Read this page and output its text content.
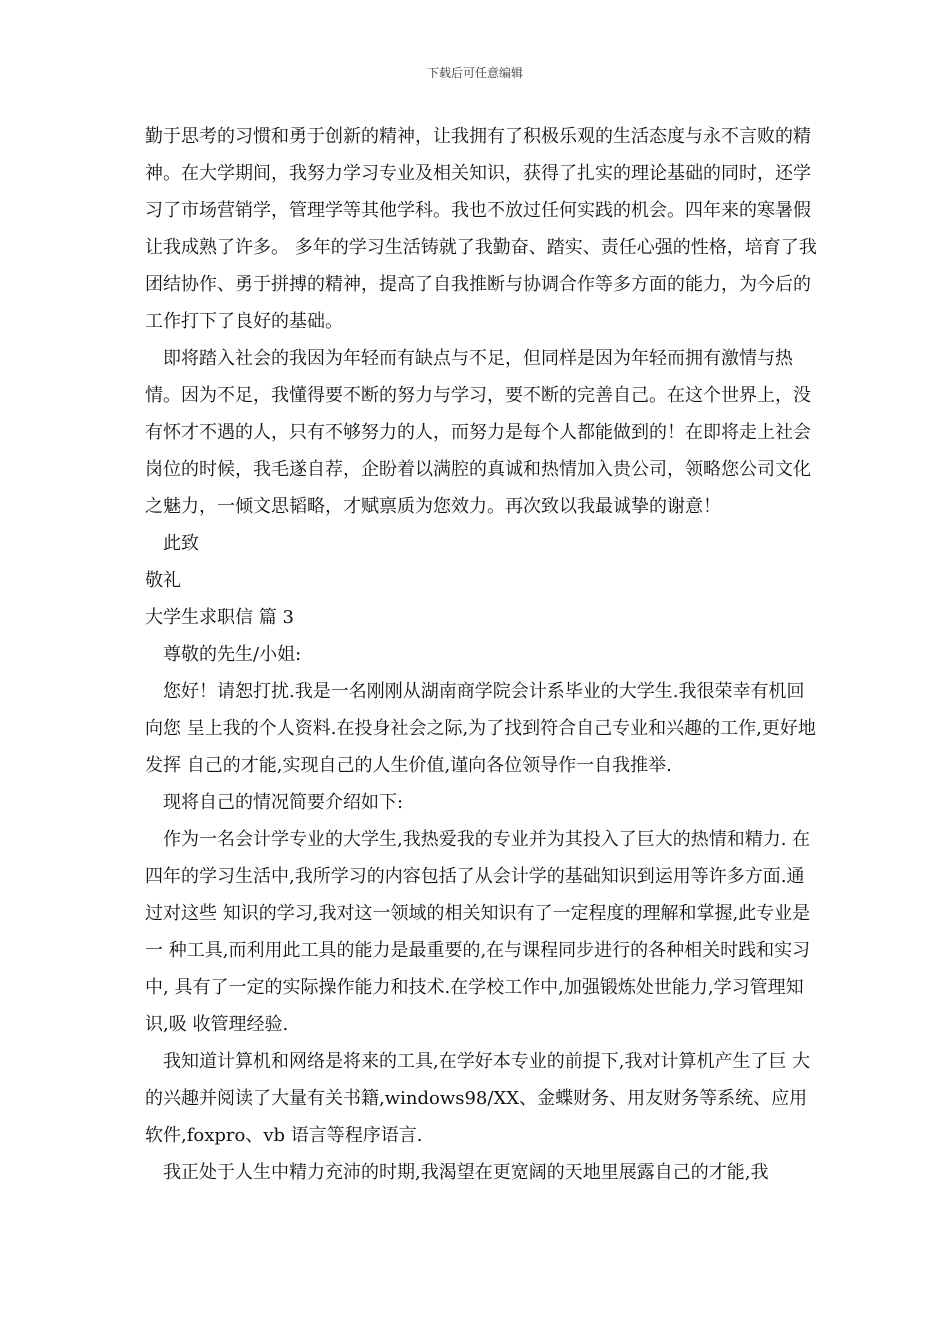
下载后可任意编辑

勤于思考的习惯和勇于创新的精神，让我拥有了积极乐观的生活态度与永不言败的精神。在大学期间，我努力学习专业及相关知识，获得了扎实的理论基础的同时，还学习了市场营销学，管理学等其他学科。我也不放过任何实践的机会。四年来的寒暑假让我成熟了许多。 多年的学习生活铸就了我勤奋、踏实、责任心强的性格，培育了我团结协作、勇于拼搏的精神，提高了自我推断与协调合作等多方面的能力，为今后的工作打下了良好的基础。

即将踏入社会的我因为年轻而有缺点与不足，但同样是因为年轻而拥有激情与热情。因为不足，我懂得要不断的努力与学习，要不断的完善自己。在这个世界上，没有怀才不遇的人，只有不够努力的人，而努力是每个人都能做到的！在即将走上社会岗位的时候，我毛遂自荐，企盼着以满腔的真诚和热情加入贵公司，领略您公司文化之魅力，一倾文思韬略，才赋禀质为您效力。再次致以我最诚挚的谢意！

此致

敬礼

大学生求职信 篇 3

尊敬的先生/小姐:

您好！请恕打扰.我是一名刚刚从湖南商学院会计系毕业的大学生.我很荣幸有机回向您 呈上我的个人资料.在投身社会之际,为了找到符合自己专业和兴趣的工作,更好地发挥 自己的才能,实现自己的人生价值,谨向各位领导作一自我推举.

现将自己的情况简要介绍如下:

作为一名会计学专业的大学生,我热爱我的专业并为其投入了巨大的热情和精力. 在四年的学习生活中,我所学习的内容包括了从会计学的基础知识到运用等许多方面.通 过对这些 知识的学习,我对这一领域的相关知识有了一定程度的理解和掌握,此专业是一 种工具,而利用此工具的能力是最重要的,在与课程同步进行的各种相关时践和实习中, 具有了一定的实际操作能力和技术.在学校工作中,加强锻炼处世能力,学习管理知识,吸 收管理经验.

我知道计算机和网络是将来的工具,在学好本专业的前提下,我对计算机产生了巨 大的兴趣并阅读了大量有关书籍,windows98/XX、金蝶财务、用友财务等系统、应用 软件,foxpro、vb 语言等程序语言.

我正处于人生中精力充沛的时期,我渴望在更宽阔的天地里展露自己的才能,我
